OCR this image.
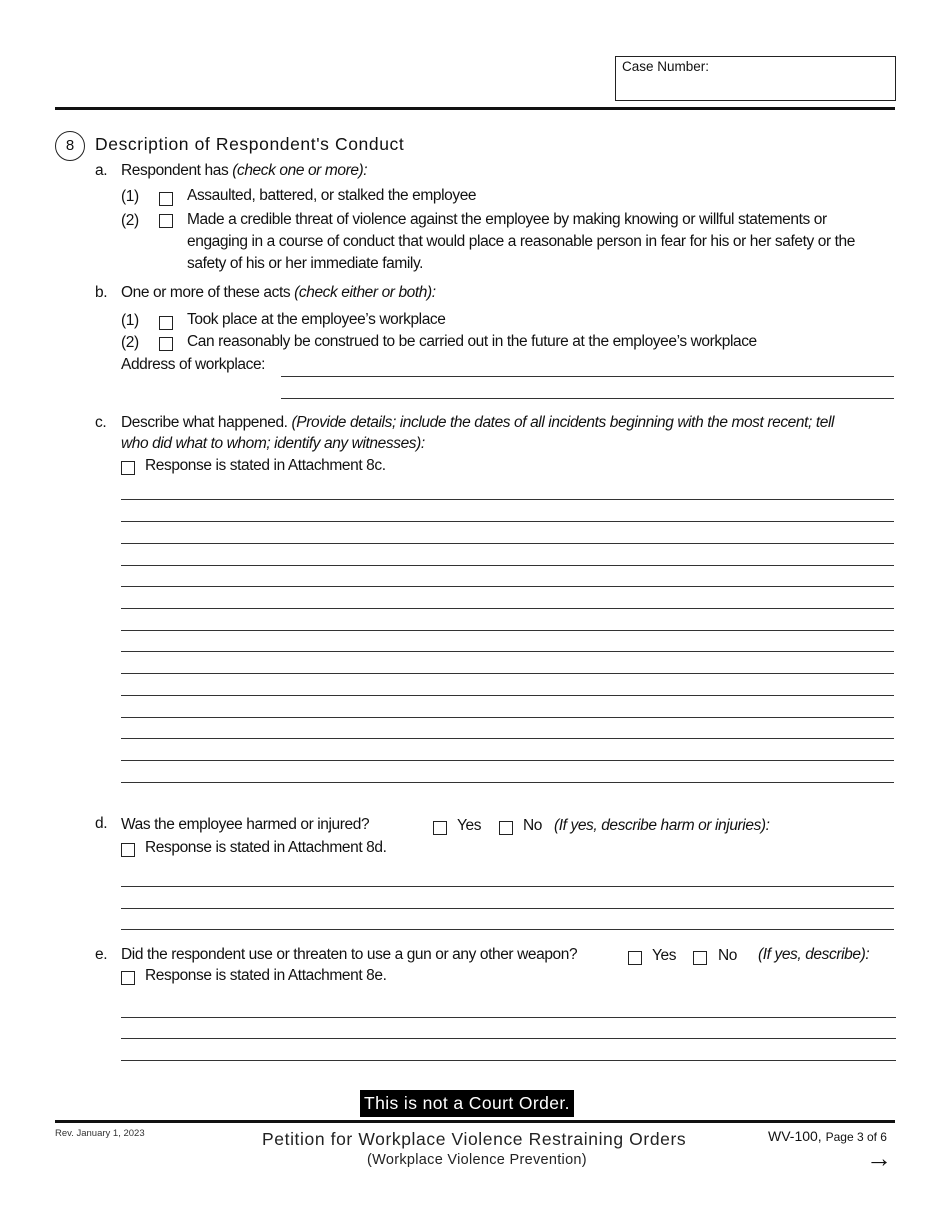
Case Number:
8	Description of Respondent's Conduct
a. Respondent has (check one or more):
(1)	Assaulted, battered, or stalked the employee
(2)	Made a credible threat of violence against the employee by making knowing or willful statements or
engaging in a course of conduct that would place a reasonable person in fear for his or her safety or the
safety of his or her immediate family.
b. One or more of these acts (check either or both):
(1)	Took place at the employee’s workplace
(2)	Can reasonably be construed to be carried out in the future at the employee’s workplace
Address of workplace:
c. Describe what happened. (Provide details; include the dates of all incidents beginning with the most recent; tell
who did what to whom; identify any witnesses):
Response is stated in Attachment 8c.
d. Was the employee harmed or injured?	Yes	No (If yes, describe harm or injuries):
Response is stated in Attachment 8d.
e. Did the respondent use or threaten to use a gun or any other weapon?	Yes	No (If yes, describe):
Response is stated in Attachment 8e.
This is not a Court Order.
Rev. January 1, 2023	Petition for Workplace Violence Restraining Orders
(Workplace Violence Prevention)
WV-100, Page 3 of 6
→
